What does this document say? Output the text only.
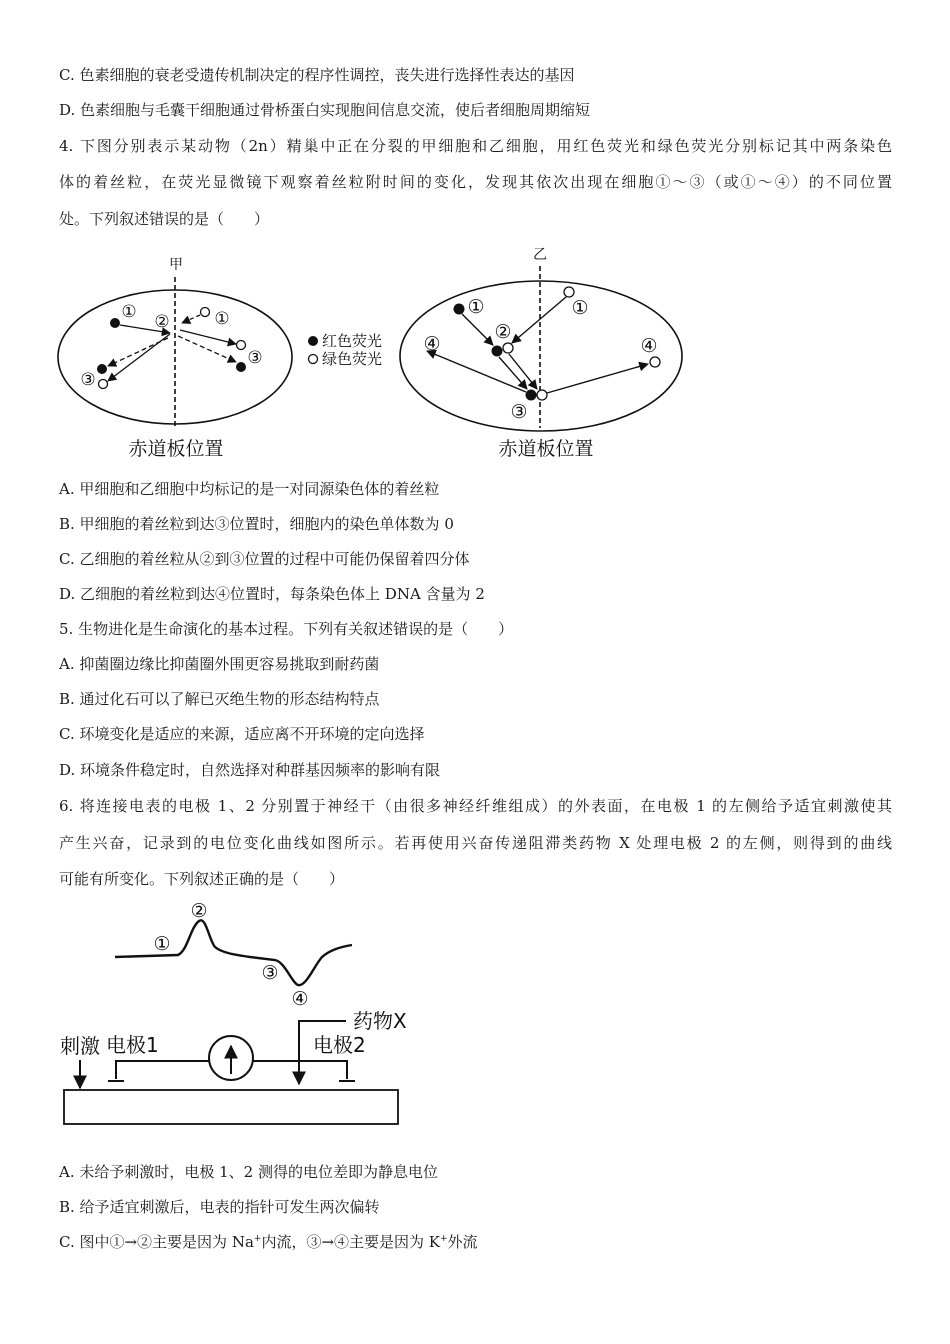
C. 色素细胞的衰老受遗传机制决定的程序性调控，丧失进行选择性表达的基因
D. 色素细胞与毛囊干细胞通过骨桥蛋白实现胞间信息交流，使后者细胞周期缩短
4. 下图分别表示某动物（2n）精巢中正在分裂的甲细胞和乙细胞，用红色荧光和绿色荧光分别标记其中两条染色
体的着丝粒，在荧光显微镜下观察着丝粒附时间的变化，发现其依次出现在细胞①～③（或①～④）的不同位置
处。下列叙述错误的是（　　）
甲
① ②	①
③
③
赤道板位置
红色荧光
绿色荧光
乙
①	①
②
④	④
③
赤道板位置
A. 甲细胞和乙细胞中均标记的是一对同源染色体的着丝粒
B. 甲细胞的着丝粒到达③位置时，细胞内的染色单体数为 0
C. 乙细胞的着丝粒从②到③位置的过程中可能仍保留着四分体
D. 乙细胞的着丝粒到达④位置时，每条染色体上 DNA 含量为 2
5. 生物进化是生命演化的基本过程。下列有关叙述错误的是（　　）
A. 抑菌圈边缘比抑菌圈外围更容易挑取到耐药菌
B. 通过化石可以了解已灭绝生物的形态结构特点
C. 环境变化是适应的来源，适应离不开环境的定向选择
D. 环境条件稳定时，自然选择对种群基因频率的影响有限
6. 将连接电表的电极 1、2 分别置于神经干（由很多神经纤维组成）的外表面，在电极 1 的左侧给予适宜刺激使其
产生兴奋，记录到的电位变化曲线如图所示。若再使用兴奋传递阻滞类药物 X 处理电极 2 的左侧，则得到的曲线
可能有所变化。下列叙述正确的是（　　）
①
②
③
④
药物X
刺激 电极1	电极2
A. 未给予刺激时，电极 1、2 测得的电位差即为静息电位
B. 给予适宜刺激后，电表的指针可发生两次偏转
C. 图中①→②主要是因为 Na+内流，③→④主要是因为 K+外流
